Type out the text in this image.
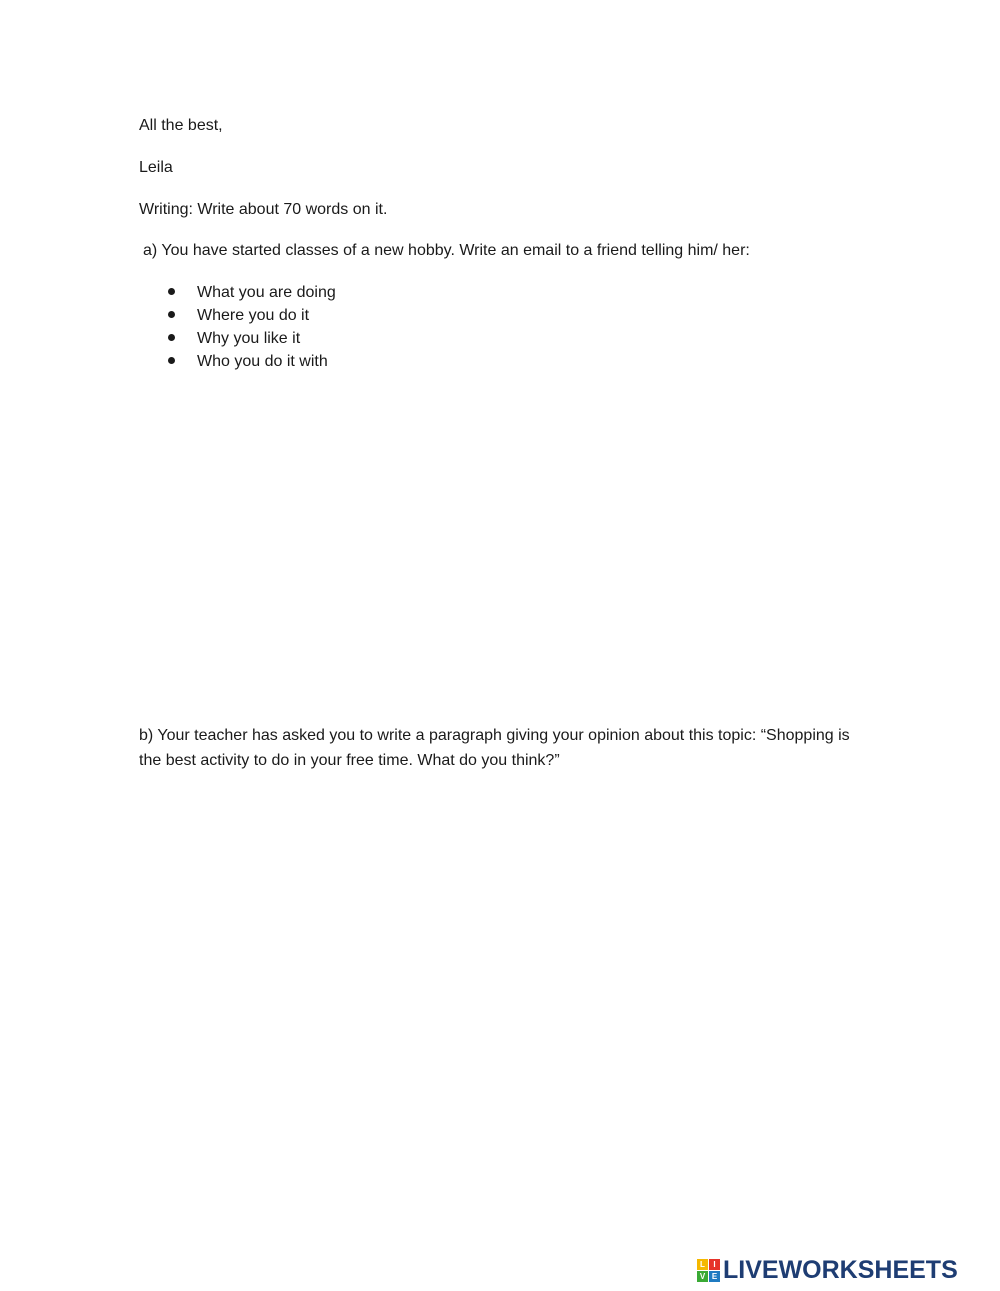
All the best,
Leila
Writing: Write about 70 words on it.
a) You have started classes of a new hobby. Write an email to a friend telling him/ her:
What you are doing
Where you do it
Why you like it
Who you do it with

b) Your teacher has asked you to write a paragraph giving your opinion about this topic: “Shopping is the best activity to do in your free time. What do you think?”

L	I
V E LIVEWORKSHEETS
